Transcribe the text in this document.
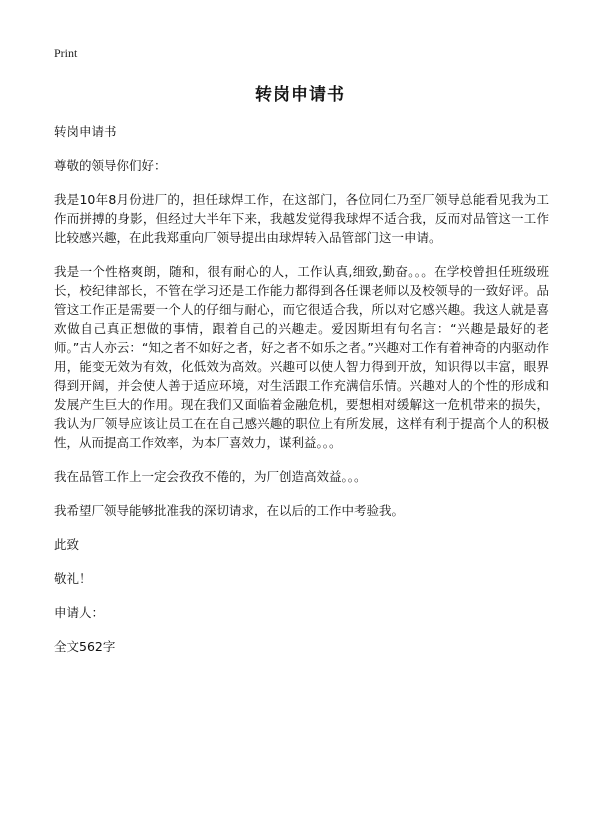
Print
转岗申请书

转岗申请书

尊敬的领导你们好：

我是10年8月份进厂的，担任球焊工作，在这部门，各位同仁乃至厂领导总能看见我为工作而拼搏的身影，但经过大半年下来，我越发觉得我球焊不适合我，反而对品管这一工作比较感兴趣，在此我郑重向厂领导提出由球焊转入品管部门这一申请。

我是一个性格爽朗，随和，很有耐心的人，工作认真,细致,勤奋。。。在学校曾担任班级班长，校纪律部长，不管在学习还是工作能力都得到各任课老师以及校领导的一致好评。品管这工作正是需要一个人的仔细与耐心，而它很适合我，所以对它感兴趣。我这人就是喜欢做自己真正想做的事情，跟着自己的兴趣走。爱因斯坦有句名言：“兴趣是最好的老师。”古人亦云：“知之者不如好之者，好之者不如乐之者。”兴趣对工作有着神奇的内驱动作用，能变无效为有效，化低效为高效。兴趣可以使人智力得到开放，知识得以丰富，眼界得到开阔，并会使人善于适应环境，对生活跟工作充满信乐情。兴趣对人的个性的形成和发展产生巨大的作用。现在我们又面临着金融危机，要想相对缓解这一危机带来的损失，我认为厂领导应该让员工在在自己感兴趣的职位上有所发展，这样有利于提高个人的积极性，从而提高工作效率，为本厂喜效力，谋利益。。。

我在品管工作上一定会孜孜不倦的，为厂创造高效益。。。

我希望厂领导能够批准我的深切请求，在以后的工作中考验我。

此致

敬礼！

申请人：

全文562字
